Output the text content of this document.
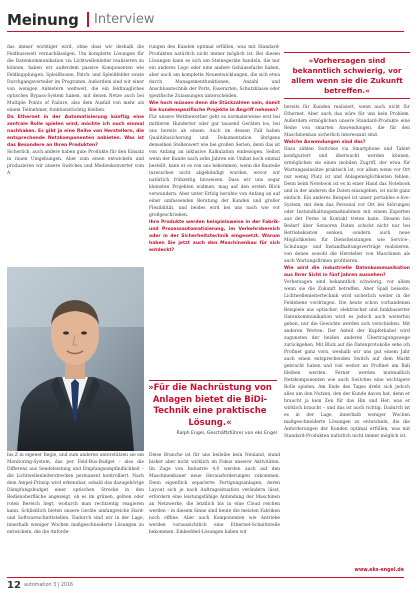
Meinung Interview

das immer wichtiger wird, ohne dass wir deshalb die Feldbusswelt vernachlässigen. Um komplette Lösungen für die Datenkommunikation via Lichtwellenleiter realisieren zu können, haben wir außerdem passive Komponenten wie Feldkupplungen, Spleißboxen, Patch- und Spleißfelder sowie Durchgangsverteiler im Programm. Außerdem sind wir einer von wenigen Anbietern weltweit, die ein feldtaugliches optisches Bypass-System haben, mit denen Netze auch bei Multiple Points of Failure, also dem Ausfall von mehr als einem Teilnehmer, funktionstüchtig bleiben.

Da Ethernet in der Automatisierung künftig eine zentrale Rolle spielen wird, möchte ich noch einmal nachhaken. Es gibt ja eine Reihe von Herstellern, die entsprechende Netzkomponenten anbieten. Was ist das Besondere an Ihren Produkten?

Sicherlich, auch andere haben gute Produkte für den Einsatz in rauen Umgebungen. Aber zum einen entwickeln und produzieren wir unsere Switches und Medienkonverter vom A

bis Z in eigener Regie, und zum anderen unterstützen sie ein Monitoring-System, das per Feld-Bus-Budget – also die Differenz aus Sendeleistung und Empfangsempfindlichkeit – die Lichtwellenleiterstrecken permanent kontrolliert. Nach dem Ampel-Prinzip wird erkennbar, sobald das dazugehörige Dämpfungsbudget einer optischen Strecke in den Bedienoberfläche angezeigt, ob es im grünen, gelben oder roten Bereich liegt, wodurch man rechtzeitig reagieren kann. Schließlich bieten unsere Geräte umfangreiche Hard- und Softwareschnittstellen. Dadurch sind wir in der Lage, innerhalb weniger Wochen maßgeschneiderte Lösungen zu entwickeln, die die Anforde-

rungen des Kunden optimal erfüllen, was mit Standard-Produkten natürlich nicht immer möglich ist. Bei diesen Lösungen kann es sich um Steinegeräte handeln, die nur ein anderes Logo oder eine andere Gehäusefarbe haben, aber auch um komplette Neuentwicklungen, die sich etwa durch Managementfunktionen, Anzahl und Anschlusstechnik der Ports, Faserarten, Schutzklasse oder spezifische Zulassungen unterscheiden.

Wie hoch müssen denn die Stückzahlen sein, damit Sie kundenspezifische Projekte in Angriff nehmen?

Für unsere Wettbewerber geht es normalerweise erst bei mittleren Hunderter oder gar tausend Geräten los, bei uns bereits ab einem. Auch im dessen Fall haben Qualitätssicherung und Dokumentation übrigens denselben Stellenwert wie bei großen Serien, denn das ist von Anfang an inklusive Kalkulation einbezogen. Selbst wenn der Kunde nach zehn Jahren ein Unikat noch einmal bestellt, kann er es von uns bekommen, wenn die Bauteile inzwischen nicht abgekündigt wurden, wovor wir natürlich frühzeitig hinweisen. Dass wir uns sogar kleinsten Projekten widmen, mag auf den ersten Blick verwundern. Aber unter Erfolg beruhte von Anfang an auf einer umfassenden Beratung der Kunden und großer Flexibilität, und beides wird bei uns nach wie vor großgeschrieben.

Ihre Produkte werden beispielsweise in der Fabrik- und Prozessautomatisierung, im Verkehrsbereich oder in der Sicherheitstechnik eingesetzt. Warum haben Sie jetzt auch den Maschinenbau für sich entdeckt?

»Für die Nachrüstung von Anlagen bietet die BiDi-Technik eine praktische Lösung.«
Ralph Engel, Geschäftsführer von eks Engel

Diese Branche ist für uns beileibe kein Neuland, stand bisher aber nicht wirklich im Fokus unserer Aktivitäten. Im Zuge von Industrie 4.0 werden auch auf den Maschinenbauer neue Herausforderungen zukommen. Denn eigentlich separierte Fertigungsanlagen, deren Layout sich je nach Auftragssituation verändern lässt, erfordern eine leistungsfähige Anbindung der Maschinen an Netzwerke, die letztlich bis in eine Cloud reichen werden – in diesem Sinne sind heute die meisten Fabriken noch offline. Aber auch Komponenten wie Antriebe werden voraussichtlich eine Ethernet-Schnittstelle bekommen. Embedded-Lösungen haben wir

»Vorhersagen sind bekanntlich schwierig, vor allem wenn sie die Zukunft betreffen.«

bereits für Kunden realisiert, wenn auch nicht für Ethernet. Aber auch das wäre für uns kein Problem. Außerdem ermöglichen unsere Standard-Produkte eine Reihe von smarten Anwendungen, die für den Maschinenbau sicherlich interessant sind.

Welche Anwendungen sind das?

Dazu zählen Switches via Smartphone und Tablet konfiguriert und überwacht werden können, ermöglichen sie einen mobilen Zugriff, der etwa für Wartungseinsätze praktisch ist, vor allem wenn vor Ort nur wenig Platz ist und Ablagemöglichkeiten fehlen. Denn beim Notebook ist es in einer Hand das Notebook und in der anderen die Daten einzugeben, ist nicht ganz einfach. Ein anderes Beispiel ist unser portables e-live-System, mit dem das Personal vor Ort bei Störungen oder Instandhaltungsmaßnahmen mit einem Experten aus der Ferne in Kontakt treten kann. Diesem bei Bedarf über Sensoren Daten schickt nicht nur bei Betriebskosten senken, sondern auch neue Möglichkeiten für Dienstleistungen wie Service-, Schulungs- und Instandhaltungsverträge realisieren, von denen sowohl die Hersteller von Maschinen als auch Wartungsfirmen profitieren.

Wie wird die industrielle Datenkommunikation aus Ihrer Sicht in fünf Jahren aussehen?

Vorhersagen sind bekanntlich schwierig, vor allem wenn sie die Zukunft betreffen. Aber Spaß beiseite. Lichtwellenleitertechnik wird sicherlich weiter in die Feldebene vordringen. Die heute schon vorhandenen Beispiele aus optischer, elektrischer und funkbasierter Datenkommunikation wird es jedoch auch weiterhin geben, nur die Gewichte werden sich verschieben. Mit anderen Worten: Der Anteil der Kupferkabel wird zugunsten der beiden anderen Übertragungswege zurückgehen. Mit Blick auf die Datenprotokolle sehe ich Profinet ganz vorn, weshalb wir uns gut einem Jahr auch einen entsprechenden Switch auf dem Markt gebracht haben und viel weiter an Profinet am Ball bleiben werden. Ferner werden mutmaßlich Netzkomponenten wie auch Switches eine wichtigere Rolle spielen. Am Ende des Tages dreht sich jedoch alles um den Nutzen, den der Kunde davon hat, denn er braucht ja kein Zen für das Hin und Her, was er wirklich braucht – und das ist auch richtig. Dadurch ist es in der Lage, innerhalb weniger Wochen maßgeschneiderte Lösungen zu entwickeln, die die Anforderungen der Kunden optimal erfüllen, was mit Standard-Produkten natürlich nicht immer möglich ist.

www.eks-engel.de
12 automation 3 | 2016
